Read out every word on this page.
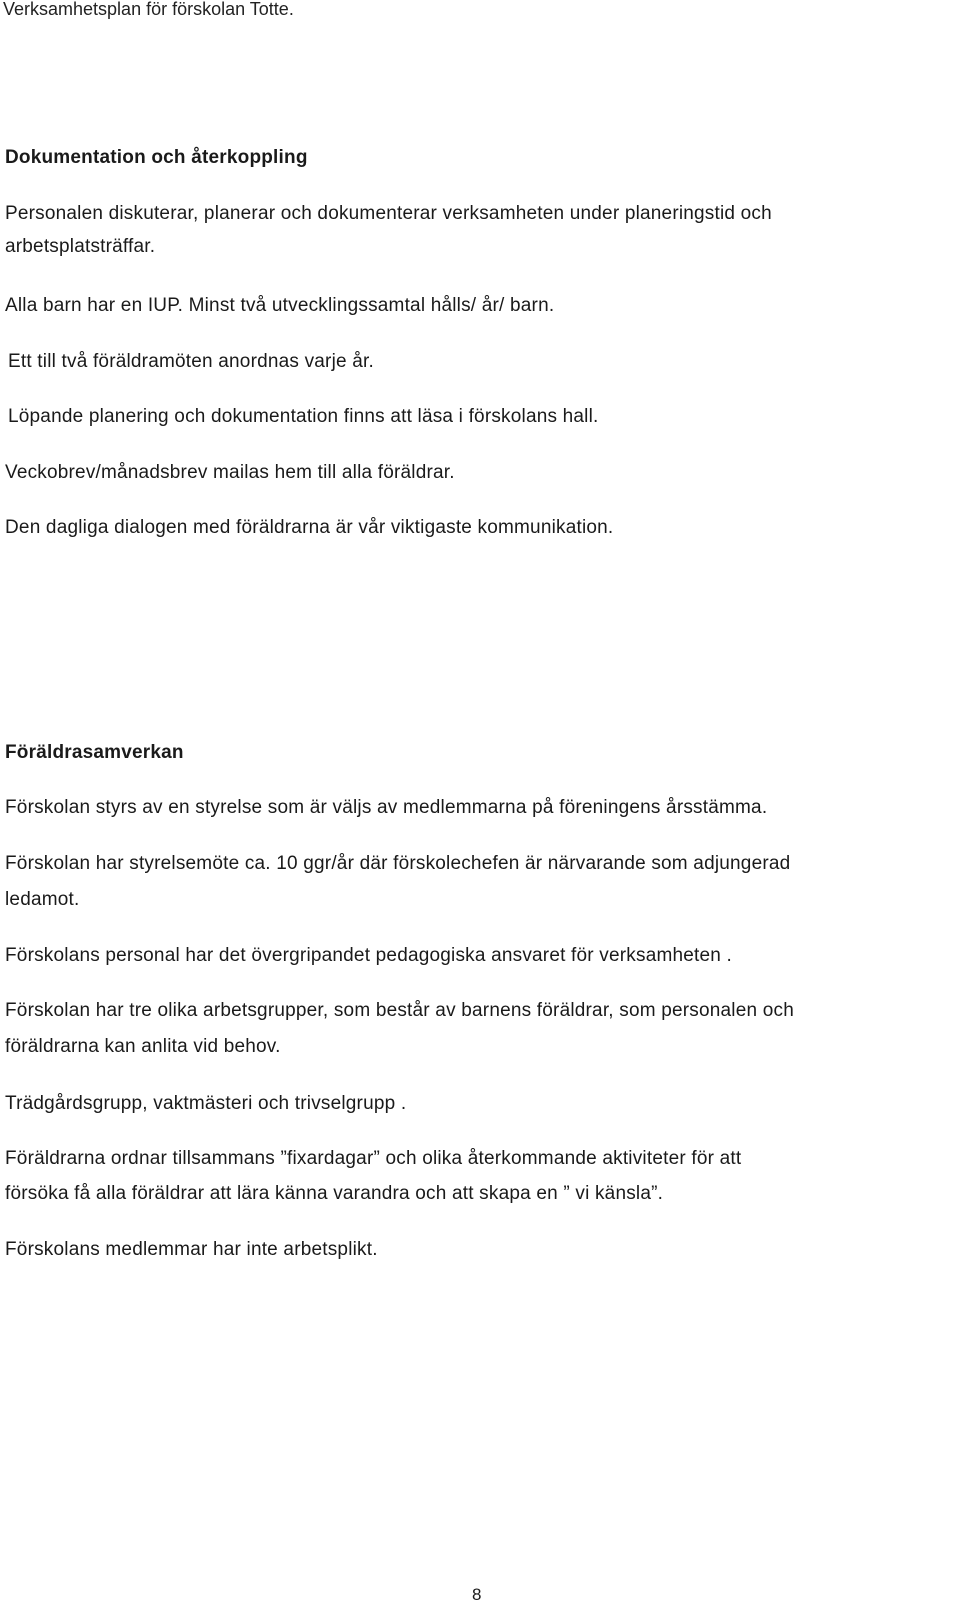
Verksamhetsplan för förskolan Totte.
Dokumentation och återkoppling
Personalen diskuterar, planerar och dokumenterar verksamheten under planeringstid och
arbetsplatsträffar.
Alla barn har en IUP. Minst två utvecklingssamtal hålls/ år/ barn.
Ett till två föräldramöten anordnas varje år.
Löpande planering och dokumentation finns att läsa i förskolans hall.
Veckobrev/månadsbrev mailas hem till alla föräldrar.
Den dagliga dialogen med föräldrarna är vår viktigaste kommunikation.
Föräldrasamverkan
Förskolan styrs av en styrelse som är väljs av medlemmarna på föreningens årsstämma.
Förskolan har styrelsemöte ca. 10 ggr/år där förskolechefen är närvarande som adjungerad
ledamot.
Förskolans personal har det övergripandet pedagogiska ansvaret för verksamheten .
Förskolan har tre olika arbetsgrupper, som består av barnens föräldrar, som personalen och
föräldrarna kan anlita vid behov.
Trädgårdsgrupp, vaktmästeri och trivselgrupp .
Föräldrarna ordnar tillsammans ”fixardagar” och olika återkommande aktiviteter för att
försöka få alla föräldrar att lära känna varandra och att skapa en ” vi känsla”.
Förskolans medlemmar har inte arbetsplikt.
8
